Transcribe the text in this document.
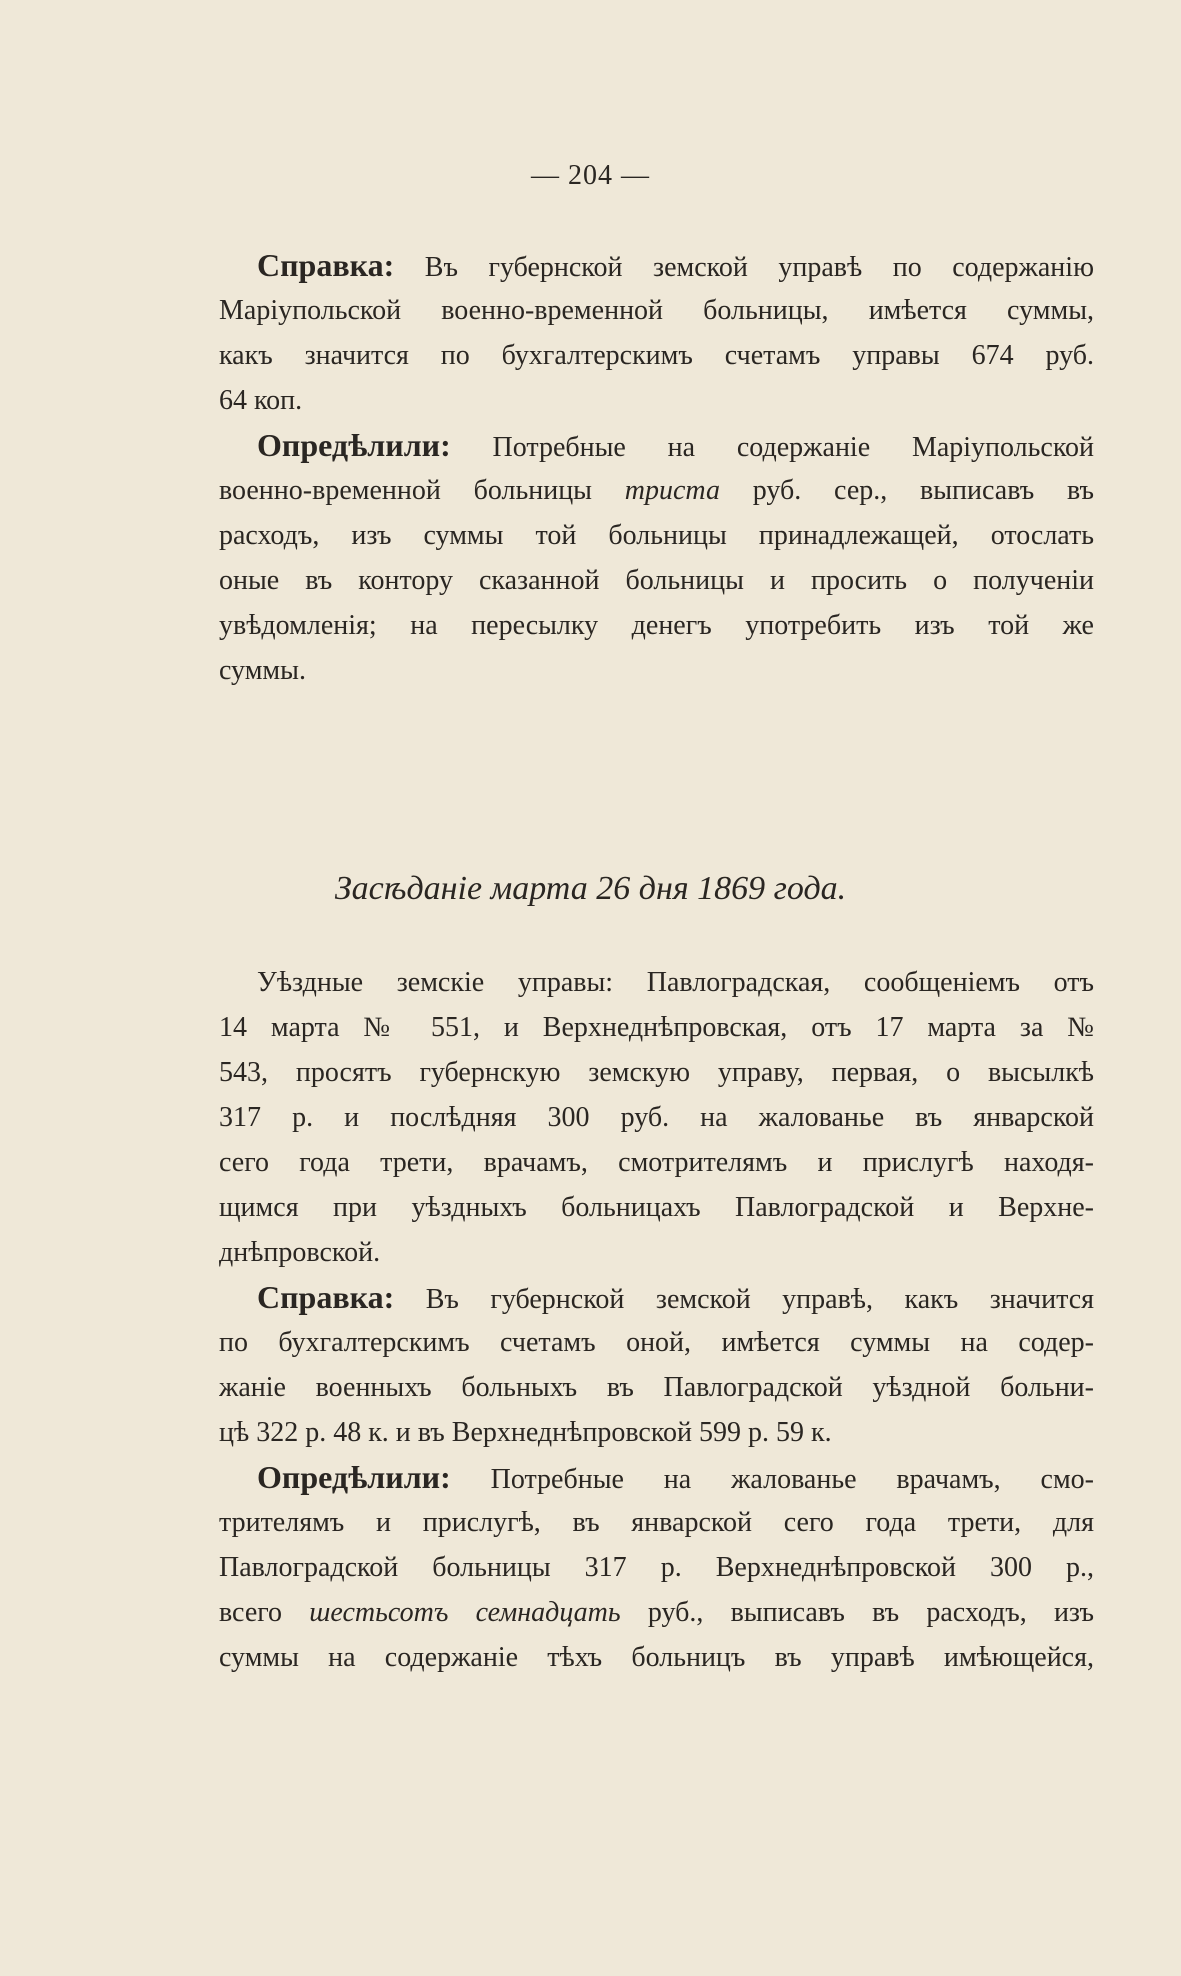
— 204 —
Справка: Въ губернской земской управѣ по содержанію
Маріупольской военно-временной больницы, имѣется суммы,
какъ значится по бухгалтерскимъ счетамъ управы 674 руб.
64 коп.
Опредѣлили: Потребные на содержаніе Маріупольской
военно-временной больницы триста руб. сер., выписавъ въ
расходъ, изъ суммы той больницы принадлежащей, отослать
оные въ контору сказанной больницы и просить о полученіи
увѣдомленія; на пересылку денегъ употребить изъ той же
суммы.
Засѣданіе марта 26 дня 1869 года.
Уѣздные земскіе управы: Павлоградская, сообщеніемъ отъ
14 марта № 551, и Верхнеднѣпровская, отъ 17 марта за №
543, просятъ губернскую земскую управу, первая, о высылкѣ
317 р. и послѣдняя 300 руб. на жалованье въ январской
сего года трети, врачамъ, смотрителямъ и прислугѣ находя-
щимся при уѣздныхъ больницахъ Павлоградской и Верхне-
днѣпровской.
Справка: Въ губернской земской управѣ, какъ значится
по бухгалтерскимъ счетамъ оной, имѣется суммы на содер-
жаніе военныхъ больныхъ въ Павлоградской уѣздной больни-
цѣ 322 р. 48 к. и въ Верхнеднѣпровской 599 р. 59 к.
Опредѣлили: Потребные на жалованье врачамъ, смо-
трителямъ и прислугѣ, въ январской сего года трети, для
Павлоградской больницы 317 р. Верхнеднѣпровской 300 р.,
всего шестьсотъ семнадцать руб., выписавъ въ расходъ, изъ
суммы на содержаніе тѣхъ больницъ въ управѣ имѣющейся,
